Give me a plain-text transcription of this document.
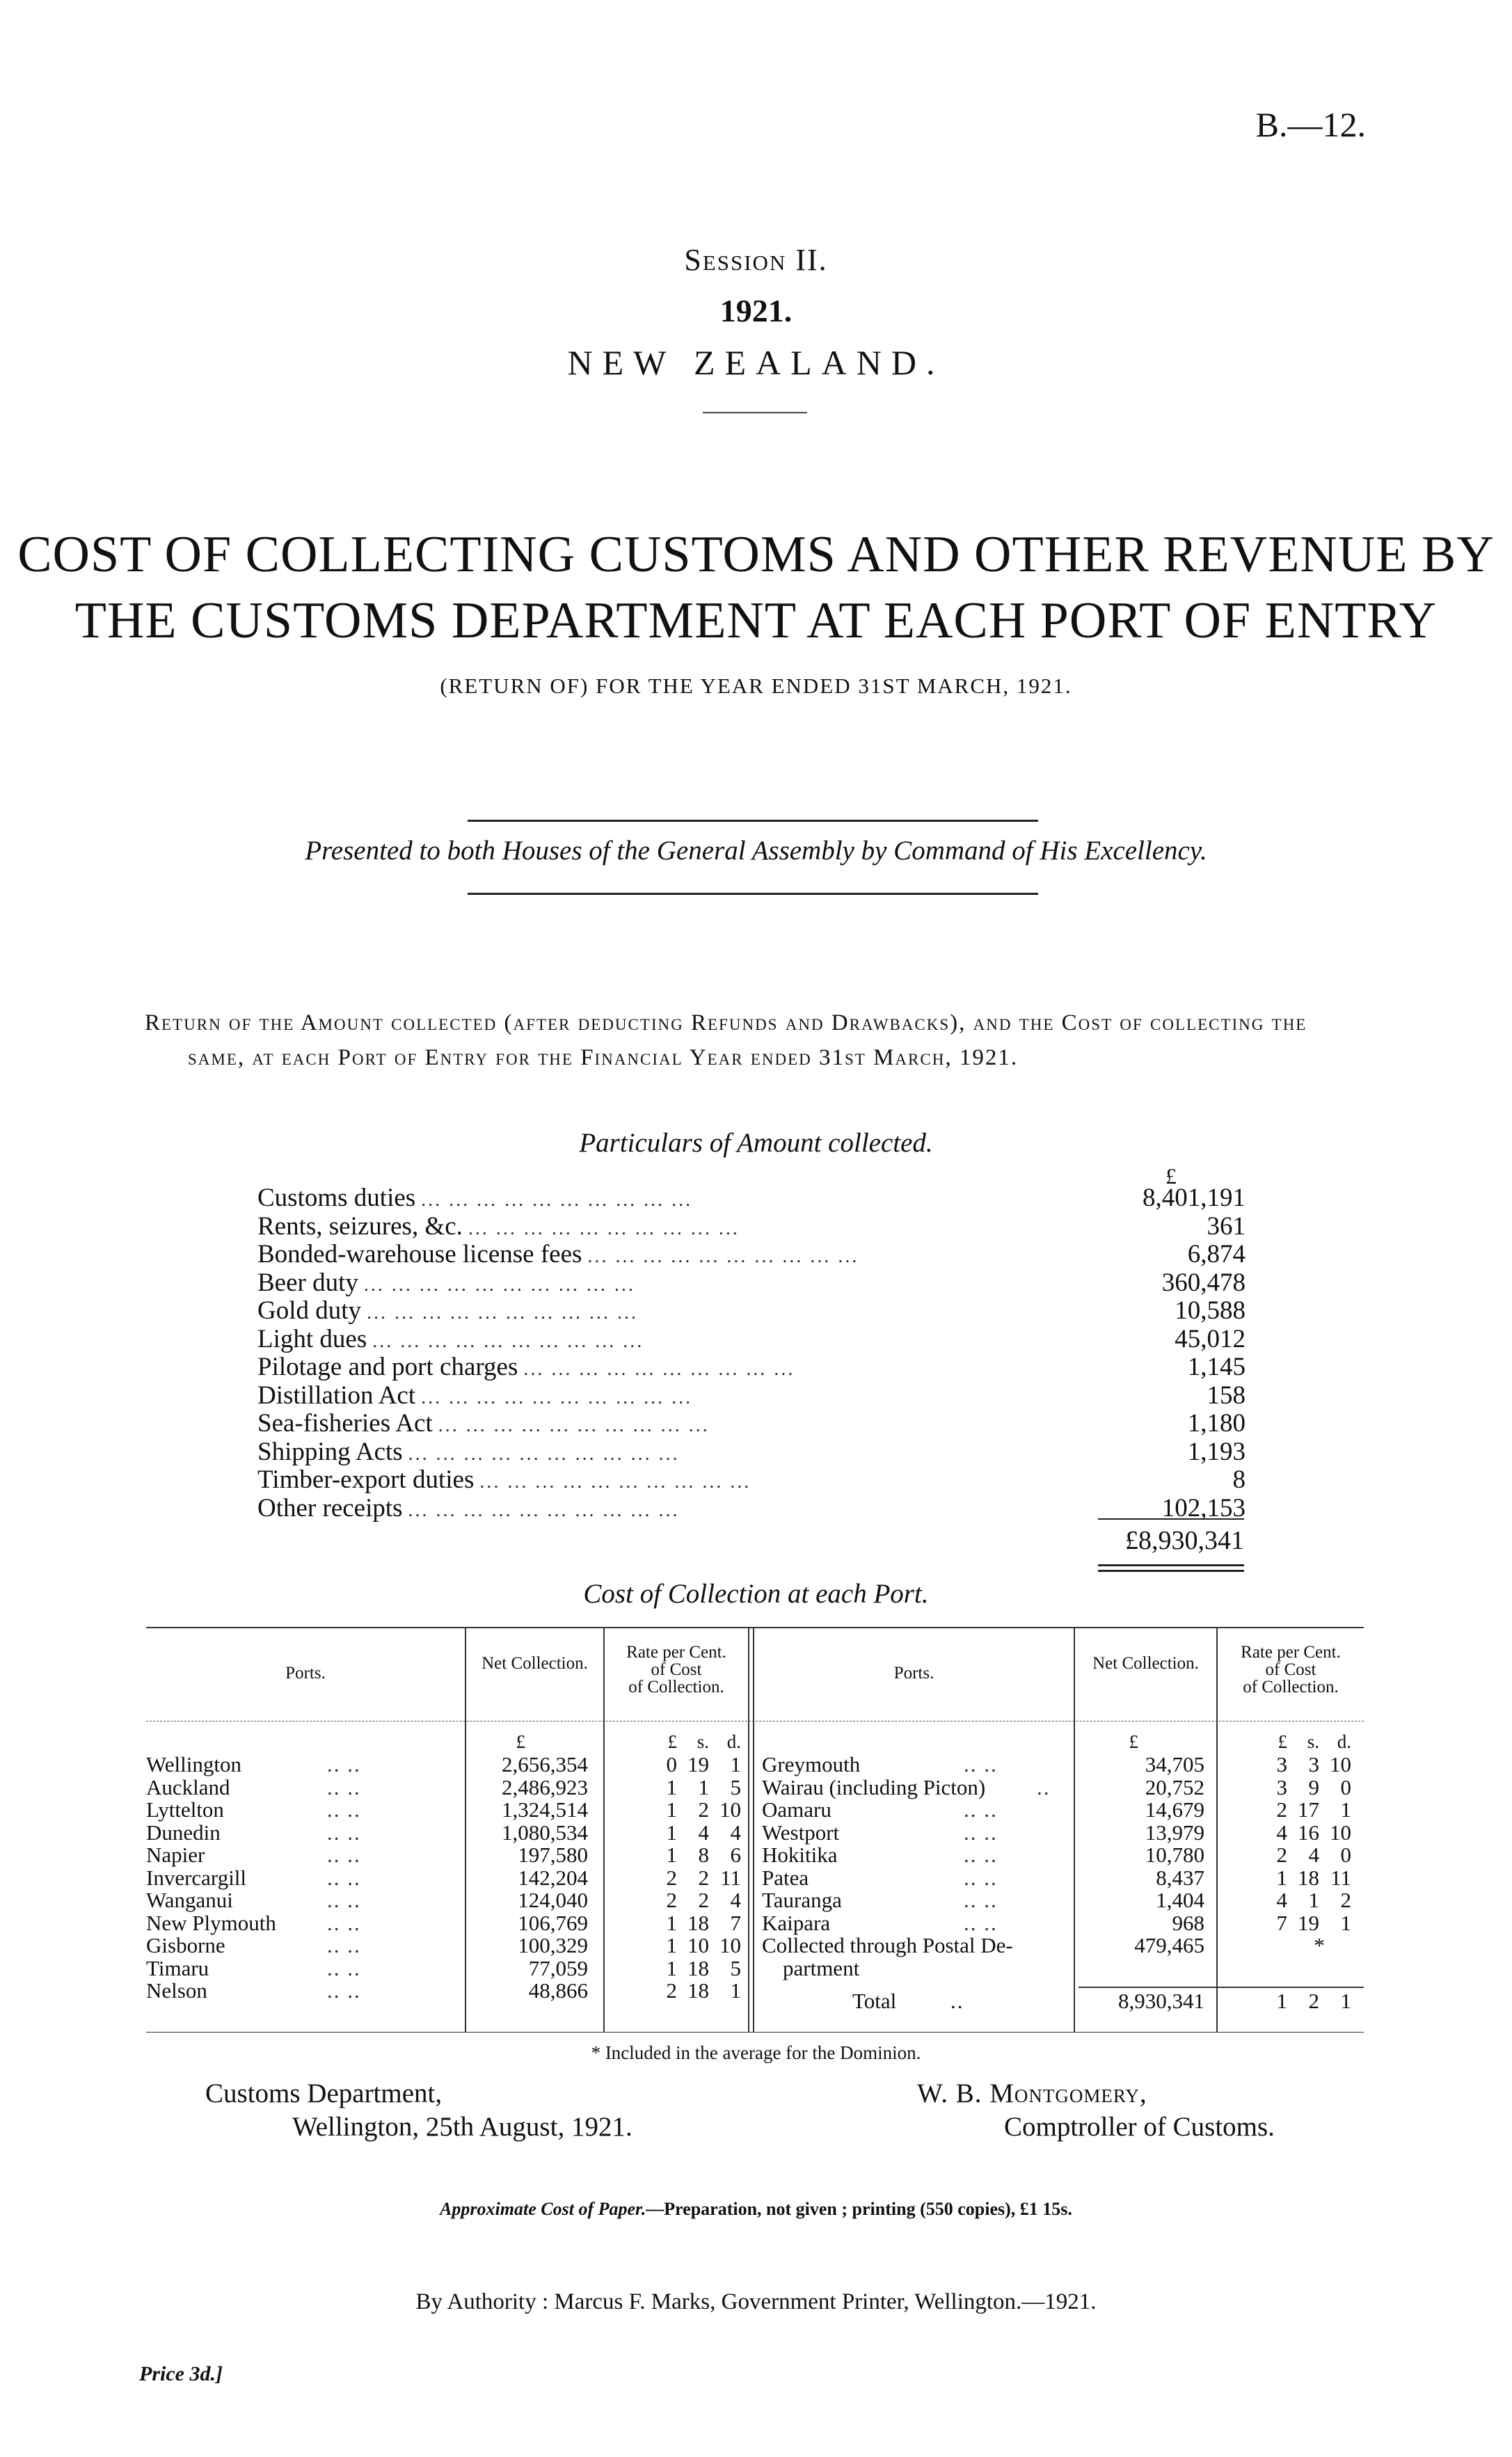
B.—12.
Session II.
1921.
NEW ZEALAND.
COST OF COLLECTING CUSTOMS AND OTHER REVENUE BY
THE CUSTOMS DEPARTMENT AT EACH PORT OF ENTRY
(RETURN OF) FOR THE YEAR ENDED 31ST MARCH, 1921.
Presented to both Houses of the General Assembly by Command of His Excellency.
Return of the Amount collected (after deducting Refunds and Drawbacks), and the Cost of collecting the same, at each Port of Entry for the Financial Year ended 31st March, 1921.
Particulars of Amount collected.
£
Customs duties ... ... ... ... ... ... ... ... ... ...	8,401,191
Rents, seizures, &c. ... ... ... ... ... ... ... ... ... ...	361
Bonded-warehouse license fees ... ... ... ... ... ... ... ... ... ...	6,874
Beer duty ... ... ... ... ... ... ... ... ... ...	360,478
Gold duty ... ... ... ... ... ... ... ... ... ...	10,588
Light dues ... ... ... ... ... ... ... ... ... ...	45,012
Pilotage and port charges ... ... ... ... ... ... ... ... ... ...	1,145
Distillation Act ... ... ... ... ... ... ... ... ... ...	158
Sea-fisheries Act ... ... ... ... ... ... ... ... ... ...	1,180
Shipping Acts ... ... ... ... ... ... ... ... ... ...	1,193
Timber-export duties ... ... ... ... ... ... ... ... ... ...	8
Other receipts ... ... ... ... ... ... ... ... ... ...	102,153
£8,930,341
Cost of Collection at each Port.
Ports.
Net Collection.
Rate per Cent.
of Cost
of Collection.
Ports.
Net Collection.
Rate per Cent.
of Cost
of Collection.
£	£	s. d.	£	£	s. d.
Wellington	.. ..	2,656,354	0 19 1
Auckland	.. ..	2,486,923	1 1 5
Lyttelton	.. ..	1,324,514	1 2 10
Dunedin	.. ..	1,080,534	1 4 4
Napier	.. ..	197,580	1 8 6
Invercargill	.. ..	142,204	2 2 11
Wanganui	.. ..	124,040	2 2 4
New Plymouth .. ..	106,769	1 18 7
Gisborne	.. ..	100,329	1 10 10
Timaru	.. ..	77,059	1 18 5
Nelson	.. ..	48,866	2 18 1
Greymouth	.. ..	34,705	3 3 10
Wairau (including Picton) ..	20,752	3 9 0
Oamaru	.. ..	14,679	2 17 1
Westport	.. ..	13,979	4 16 10
Hokitika	.. ..	10,780	2 4 0
Patea	.. ..	8,437	1 18 11
Tauranga	.. ..	1,404	4 1 2
Kaipara	.. ..	968	7 19 1
Collected through Postal De-
partment
479,465	*
Total	..	8,930,341	1 2 1
* Included in the average for the Dominion.
Customs Department,
Wellington, 25th August, 1921.
W. B. Montgomery,
Comptroller of Customs.
Approximate Cost of Paper.—Preparation, not given ; printing (550 copies), £1 15s.
By Authority : Marcus F. Marks, Government Printer, Wellington.—1921.
Price 3d.]
